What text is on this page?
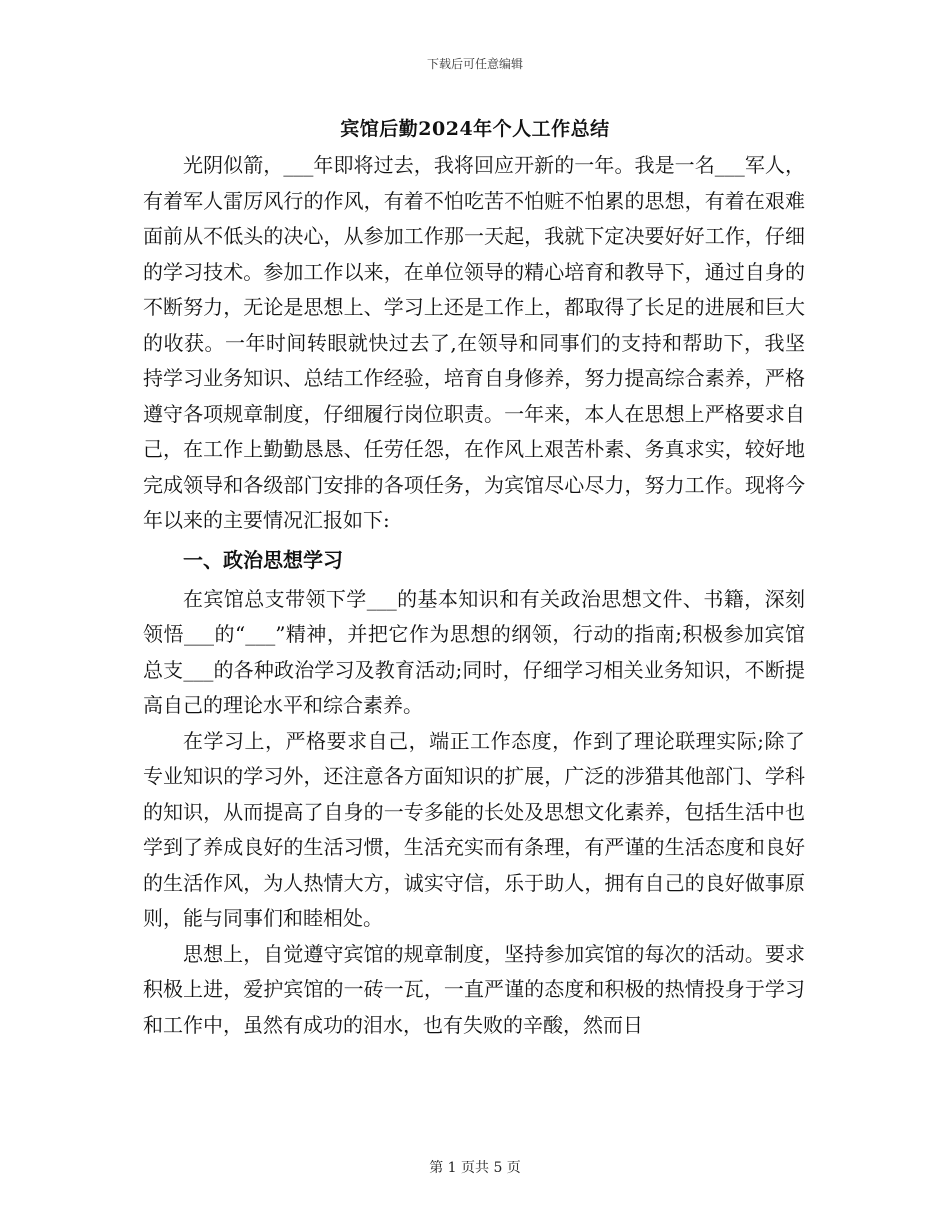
下载后可任意编辑
宾馆后勤2024年个人工作总结

光阴似箭，___年即将过去，我将回应开新的一年。我是一名___军人，有着军人雷厉风行的作风，有着不怕吃苦不怕赃不怕累的思想，有着在艰难面前从不低头的决心，从参加工作那一天起，我就下定决要好好工作，仔细的学习技术。参加工作以来，在单位领导的精心培育和教导下，通过自身的不断努力，无论是思想上、学习上还是工作上，都取得了长足的进展和巨大的收获。一年时间转眼就快过去了,在领导和同事们的支持和帮助下，我坚持学习业务知识、总结工作经验，培育自身修养，努力提高综合素养，严格遵守各项规章制度，仔细履行岗位职责。一年来，本人在思想上严格要求自己，在工作上勤勤恳恳、任劳任怨，在作风上艰苦朴素、务真求实，较好地完成领导和各级部门安排的各项任务，为宾馆尽心尽力，努力工作。现将今年以来的主要情况汇报如下:

一、政治思想学习

在宾馆总支带领下学___的基本知识和有关政治思想文件、书籍，深刻领悟___的“___”精神，并把它作为思想的纲领，行动的指南;积极参加宾馆总支___的各种政治学习及教育活动;同时，仔细学习相关业务知识，不断提高自己的理论水平和综合素养。

在学习上，严格要求自己，端正工作态度，作到了理论联理实际;除了专业知识的学习外，还注意各方面知识的扩展，广泛的涉猎其他部门、学科的知识，从而提高了自身的一专多能的长处及思想文化素养，包括生活中也学到了养成良好的生活习惯，生活充实而有条理，有严谨的生活态度和良好的生活作风，为人热情大方，诚实守信，乐于助人，拥有自己的良好做事原则，能与同事们和睦相处。

思想上，自觉遵守宾馆的规章制度，坚持参加宾馆的每次的活动。要求积极上进，爱护宾馆的一砖一瓦，一直严谨的态度和积极的热情投身于学习和工作中，虽然有成功的泪水，也有失败的辛酸，然而日

第 1 页共 5 页
